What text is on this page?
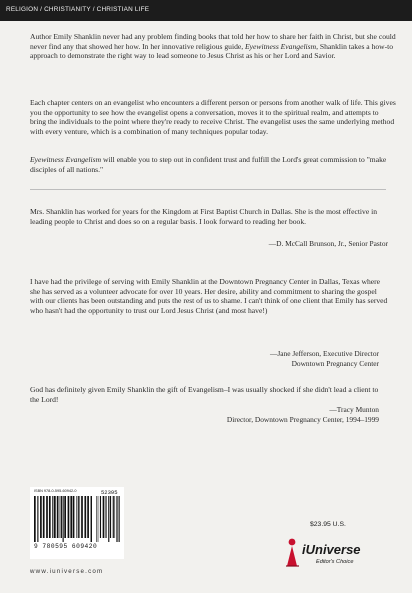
RELIGION / CHRISTIANITY / CHRISTIAN LIFE

Author Emily Shanklin never had any problem finding books that told her how to share her faith in Christ, but she could never find any that showed her how. In her innovative religious guide, Eyewitness Evangelism, Shanklin takes a how-to approach to demonstrate the right way to lead someone to Jesus Christ as his or her Lord and Savior.

Each chapter centers on an evangelist who encounters a different person or persons from another walk of life. This gives you the opportunity to see how the evangelist opens a conversation, moves it to the spiritual realm, and attempts to bring the individuals to the point where they're ready to receive Christ. The evangelist uses the same underlying method with every venture, which is a combination of many techniques popular today.

Eyewitness Evangelism will enable you to step out in confident trust and fulfill the Lord's great commission to "make disciples of all nations."

Mrs. Shanklin has worked for years for the Kingdom at First Baptist Church in Dallas. She is the most effective in leading people to Christ and does so on a regular basis. I look forward to reading her book.

—D. McCall Brunson, Jr., Senior Pastor

I have had the privilege of serving with Emily Shanklin at the Downtown Pregnancy Center in Dallas, Texas where she has served as a volunteer advocate for over 10 years. Her desire, ability and commitment to sharing the gospel with our clients has been outstanding and puts the rest of us to shame. I can't think of one client that Emily has served who hasn't had the opportunity to trust our Lord Jesus Christ (and most have!)

—Jane Jefferson, Executive Director
Downtown Pregnancy Center

God has definitely given Emily Shanklin the gift of Evangelism–I was usually shocked if she didn't lead a client to the Lord!

—Tracy Munton
Director, Downtown Pregnancy Center, 1994–1999
ISBN 978-0-595-60942-0	52395
9 780595 609420
www.iuniverse.com
$23.95 U.S.
iUniverse
Editor's Choice
